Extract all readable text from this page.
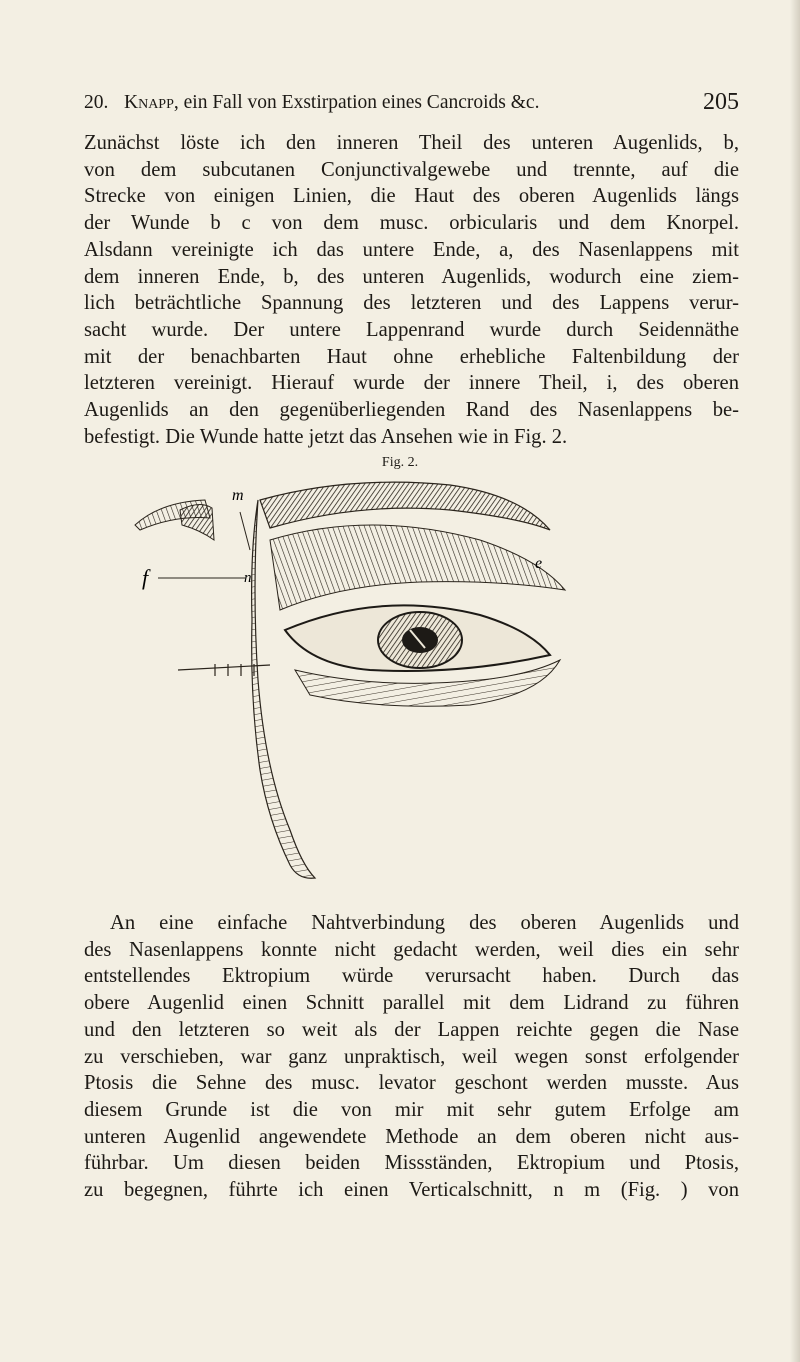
20. Knapp, ein Fall von Exstirpation eines Cancroids &c.	205
Zunächst löste ich den inneren Theil des unteren Augenlids, b,
von dem subcutanen Conjunctivalgewebe und trennte, auf die
Strecke von einigen Linien, die Haut des oberen Augenlids längs
der Wunde b c von dem musc. orbicularis und dem Knorpel.
Alsdann vereinigte ich das untere Ende, a, des Nasenlappens mit
dem inneren Ende, b, des unteren Augenlids, wodurch eine ziem-
lich beträchtliche Spannung des letzteren und des Lappens verur-
sacht wurde. Der untere Lappenrand wurde durch Seidennäthe
mit der benachbarten Haut ohne erhebliche Faltenbildung der
letzteren vereinigt. Hierauf wurde der innere Theil, i, des oberen
Augenlids an den gegenüberliegenden Rand des Nasenlappens be-
befestigt. Die Wunde hatte jetzt das Ansehen wie in Fig. 2.
Fig. 2.
m
n
f
e
An eine einfache Nahtverbindung des oberen Augenlids und
des Nasenlappens konnte nicht gedacht werden, weil dies ein sehr
entstellendes Ektropium würde verursacht haben. Durch das
obere Augenlid einen Schnitt parallel mit dem Lidrand zu führen
und den letzteren so weit als der Lappen reichte gegen die Nase
zu verschieben, war ganz unpraktisch, weil wegen sonst erfolgender
Ptosis die Sehne des musc. levator geschont werden musste. Aus
diesem Grunde ist die von mir mit sehr gutem Erfolge am
unteren Augenlid angewendete Methode an dem oberen nicht aus-
führbar. Um diesen beiden Missständen, Ektropium und Ptosis,
zu begegnen, führte ich einen Verticalschnitt, n m (Fig. ) von
